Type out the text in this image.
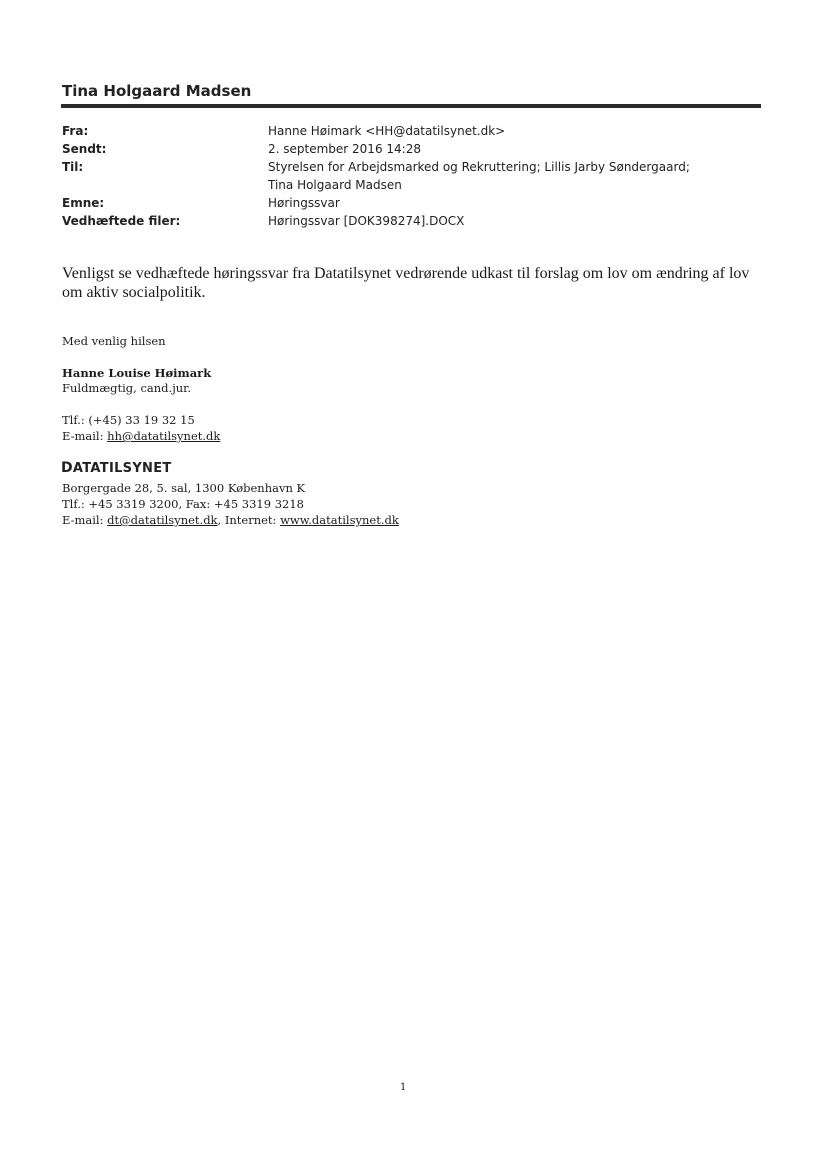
Tina Holgaard Madsen
Fra:	Hanne Høimark <HH@datatilsynet.dk>
Sendt:	2. september 2016 14:28
Til:	Styrelsen for Arbejdsmarked og Rekruttering; Lillis Jarby Søndergaard; Tina Holgaard Madsen
Emne:	Høringssvar
Vedhæftede filer:	Høringssvar [DOK398274].DOCX
Venligst se vedhæftede høringssvar fra Datatilsynet vedrørende udkast til forslag om lov om ændring af lov om aktiv socialpolitik.
Med venlig hilsen
Hanne Louise Høimark
Fuldmægtig, cand.jur.
Tlf.: (+45) 33 19 32 15
E-mail: hh@datatilsynet.dk
DATATILSYNET
Borgergade 28, 5. sal, 1300 København K
Tlf.: +45 3319 3200, Fax: +45 3319 3218
E-mail: dt@datatilsynet.dk, Internet: www.datatilsynet.dk
1
